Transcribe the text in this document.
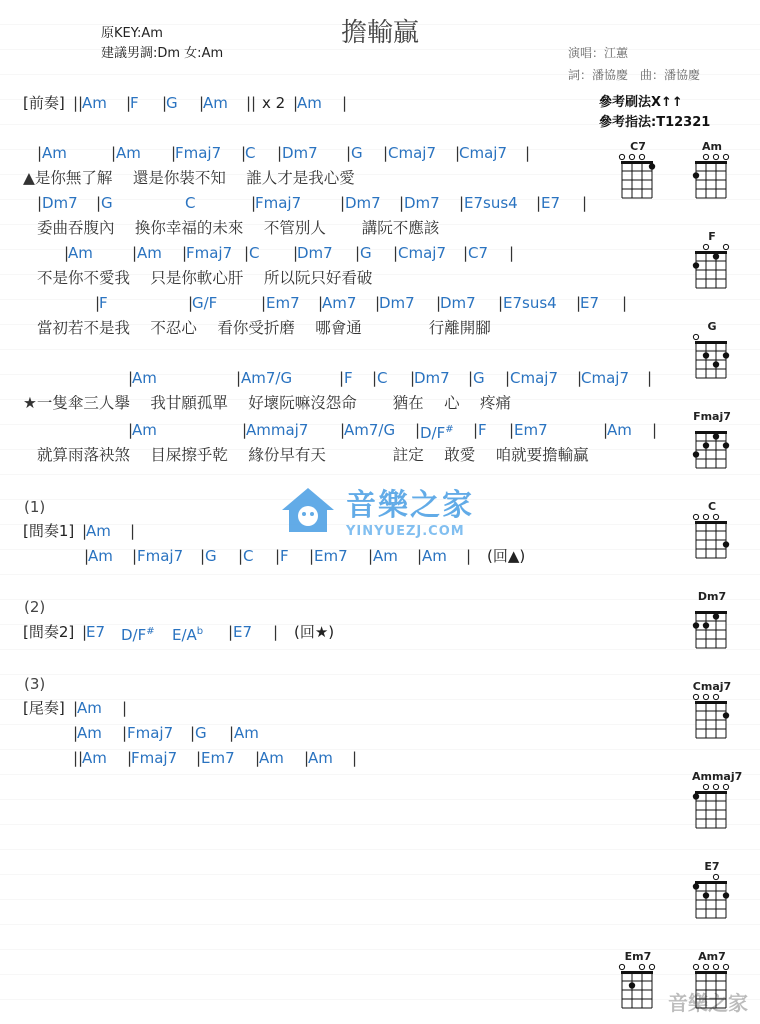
擔輸贏
原KEY:Am
建議男調:Dm 女:Am	演唱：江蕙
詞：潘協慶　曲：潘協慶
參考刷法X↑↑
參考指法:T12321
[前奏] ||
Am |
F |
G |
Am || x 2 |
Am |
| Am	| Am |
Fmaj7 |
C | Dm7 | G | Cmaj7 |
Cmaj7 |
▲是你無了解　 還是你裝不知　 誰人才是我心愛
| Dm7 | G	C	|
Fmaj7	| Dm7 | Dm7 | E7sus4 | E7 |
委曲吞腹內　 換你幸福的未來　 不管別人　　 講阮不應該
|
Am	| Am |
Fmaj7 | C |
Dm7 | G | Cmaj7 | C7 |
不是你不愛我　 只是你軟心肝　 所以阮只好看破
|
F	|
G/F	| Em7 |
Am7 |
Dm7 |
Dm7 | E7sus4 |
E7 |
當初若不是我　 不忍心　 看你受折磨　 哪會通　　　　 行離開腳
|
Am	| Am7/G	| F | C |
Dm7 | G | Cmaj7 |
Cmaj7 |
★一隻傘三人擧　 我甘願孤單　 好壞阮嘛沒怨命　　 猶在　 心　 疼痛
|
Am	|
Ammaj7 |
Am7/G | D/F# | F | Em7	|
Am |
就算雨落袂煞　 目屎擦乎乾　 緣份早有天　　　　 註定　 敢愛　 咱就要擔輸贏
[間奏1] |
Am |
|
Am | Fmaj7 | G | C | F | Em7 | Am | Am | (回▲)
[間奏2] |
E7 D/F# $E/A^b$ | E7 | (回★)
[尾奏] |
Am |
|
Am | Fmaj7 | G | Am
||
Am |
Fmaj7 | Em7 |
Am |
Am |
(1)
(2)
(3)
音樂之家
YINYUEZJ.COM
音樂之家
C7	Am
F
G
Fmaj7
C
Dm7
Cmaj7
Ammaj7
E7
Em7	Am7
